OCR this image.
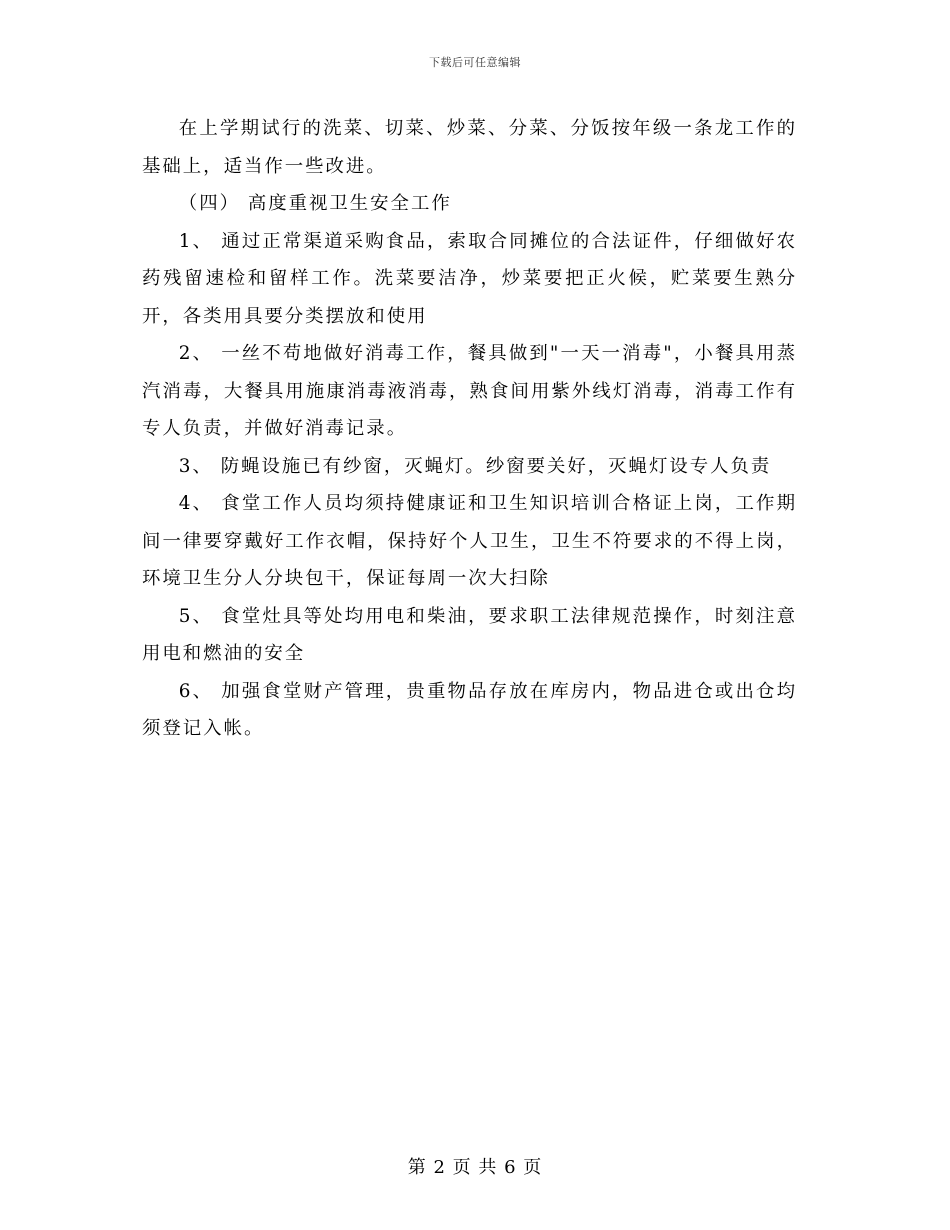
下载后可任意编辑

在上学期试行的洗菜、切菜、炒菜、分菜、分饭按年级一条龙工作的基础上，适当作一些改进。

（四） 高度重视卫生安全工作

1、 通过正常渠道采购食品，索取合同摊位的合法证件，仔细做好农药残留速检和留样工作。洗菜要洁净，炒菜要把正火候，贮菜要生熟分开，各类用具要分类摆放和使用

2、 一丝不苟地做好消毒工作，餐具做到"一天一消毒"，小餐具用蒸汽消毒，大餐具用施康消毒液消毒，熟食间用紫外线灯消毒，消毒工作有专人负责，并做好消毒记录。

3、 防蝇设施已有纱窗，灭蝇灯。纱窗要关好，灭蝇灯设专人负责

4、 食堂工作人员均须持健康证和卫生知识培训合格证上岗，工作期间一律要穿戴好工作衣帽，保持好个人卫生，卫生不符要求的不得上岗，环境卫生分人分块包干，保证每周一次大扫除

5、 食堂灶具等处均用电和柴油，要求职工法律规范操作，时刻注意用电和燃油的安全

6、 加强食堂财产管理，贵重物品存放在库房内，物品进仓或出仓均须登记入帐。

第 2 页 共 6 页
